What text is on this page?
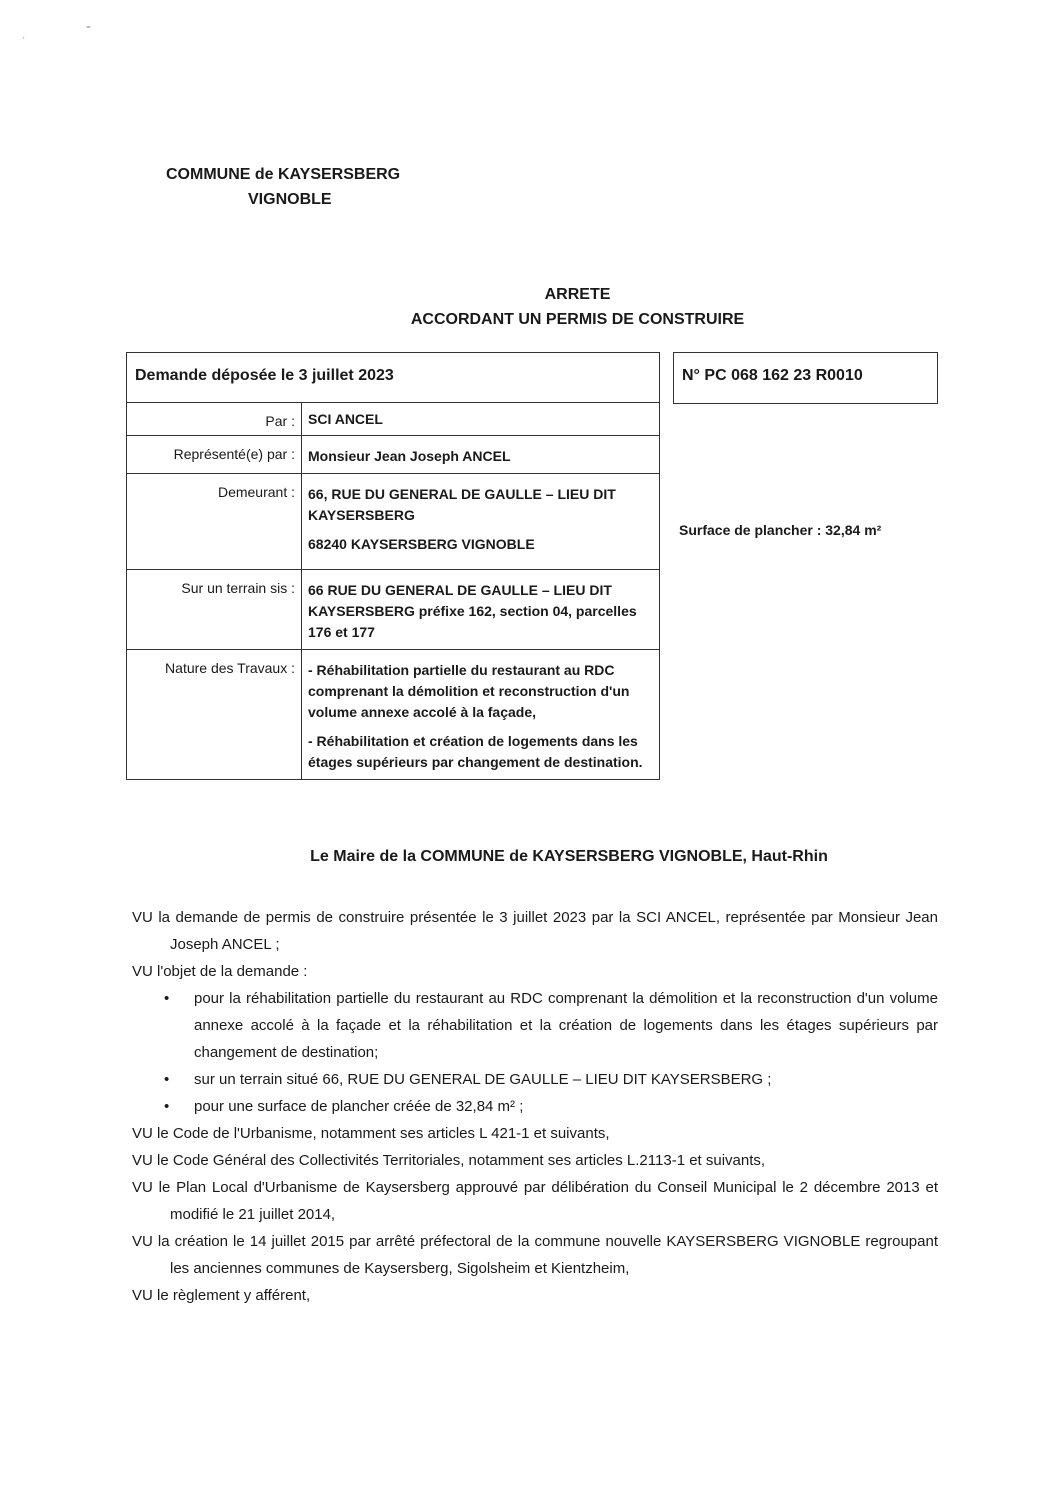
ˊ
⁼
COMMUNE de KAYSERSBERG
VIGNOBLE
ARRETE
ACCORDANT UN PERMIS DE CONSTRUIRE
Demande déposée le 3 juillet 2023	
Par :	SCI ANCEL

Représenté(e) par :	Monsieur Jean Joseph ANCEL

Demeurant :	66, RUE DU GENERAL DE GAULLE – LIEU DIT KAYSERSBERG

68240 KAYSERSBERG VIGNOBLE

Sur un terrain sis :	66 RUE DU GENERAL DE GAULLE – LIEU DIT KAYSERSBERG préfixe 162, section 04, parcelles 176 et 177

Nature des Travaux :	- Réhabilitation partielle du restaurant au RDC comprenant la démolition et reconstruction d'un volume annexe accolé à la façade,

- Réhabilitation et création de logements dans les étages supérieurs par changement de destination.

N° PC 068 162 23 R0010
Surface de plancher : 32,84 m²
Le Maire de la COMMUNE de KAYSERSBERG VIGNOBLE, Haut-Rhin

VU la demande de permis de construire présentée le 3 juillet 2023 par la SCI ANCEL, représentée par Monsieur Jean Joseph ANCEL ;

VU l'objet de la demande :

• pour la réhabilitation partielle du restaurant au RDC comprenant la démolition et la reconstruction d'un volume annexe accolé à la façade et la réhabilitation et la création de logements dans les étages supérieurs par changement de destination;
• sur un terrain situé 66, RUE DU GENERAL DE GAULLE – LIEU DIT KAYSERSBERG ;
• pour une surface de plancher créée de 32,84 m² ;

VU le Code de l'Urbanisme, notamment ses articles L 421-1 et suivants,

VU le Code Général des Collectivités Territoriales, notamment ses articles L.2113-1 et suivants,

VU le Plan Local d'Urbanisme de Kaysersberg approuvé par délibération du Conseil Municipal le 2 décembre 2013 et modifié le 21 juillet 2014,

VU la création le 14 juillet 2015 par arrêté préfectoral de la commune nouvelle KAYSERSBERG VIGNOBLE regroupant les anciennes communes de Kaysersberg, Sigolsheim et Kientzheim,

VU le règlement y afférent,
